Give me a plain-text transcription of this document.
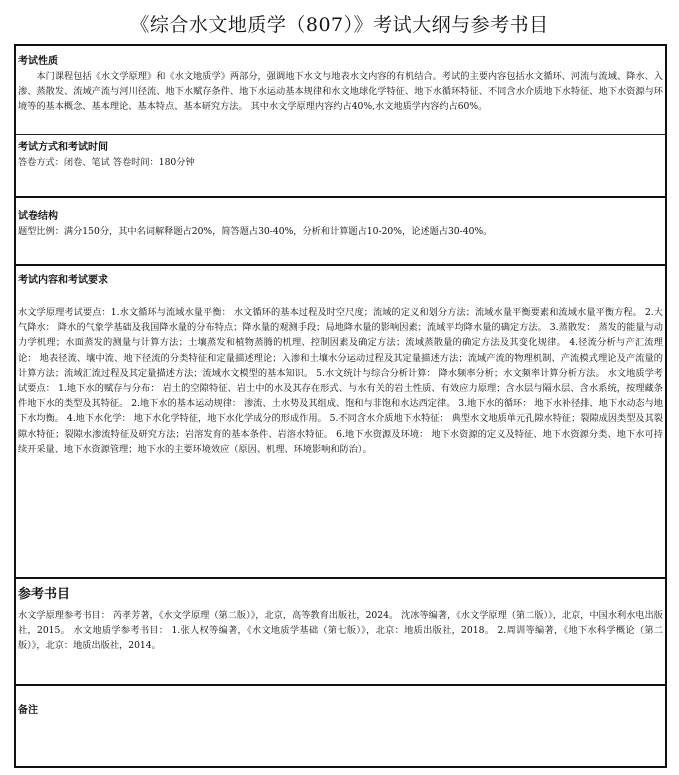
《综合水文地质学（807）》考试大纲与参考书目
考试性质
本门课程包括《水文学原理》和《水文地质学》两部分，强调地下水文与地表水文内容的有机结合。考试的主要内容包括水文循环、河流与流域、降水、入渗、蒸散发、流域产流与河川径流、地下水赋存条件、地下水运动基本规律和水文地球化学特征、地下水循环特征、不同含水介质地下水特征、地下水资源与环境等的基本概念、基本理论、基本特点、基本研究方法。 其中水文学原理内容约占40%,水文地质学内容约占60%。
考试方式和考试时间
答卷方式：闭卷、笔试 答卷时间：180分钟
试卷结构
题型比例：满分150分，其中名词解释题占20%，简答题占30-40%，分析和计算题占10-20%，论述题占30-40%。
考试内容和考试要求
水文学原理考试要点：1.水文循环与流域水量平衡： 水文循环的基本过程及时空尺度；流域的定义和划分方法；流域水量平衡要素和流域水量平衡方程。 2.大气降水： 降水的气象学基础及我国降水量的分布特点；降水量的观测手段；局地降水量的影响因素；流域平均降水量的确定方法。 3.蒸散发： 蒸发的能量与动力学机理；水面蒸发的测量与计算方法；土壤蒸发和植物蒸腾的机理、控制因素及确定方法；流域蒸散量的确定方法及其变化规律。 4.径流分析与产汇流理论： 地表径流、壤中流、地下径流的分类特征和定量描述理论；入渗和土壤水分运动过程及其定量描述方法；流域产流的物理机制、产流模式理论及产流量的计算方法；流域汇流过程及其定量描述方法；流域水文模型的基本知识。 5.水文统计与综合分析计算： 降水频率分析；水文频率计算分析方法。 水文地质学考试要点： 1.地下水的赋存与分布： 岩土的空隙特征、岩土中的水及其存在形式、与水有关的岩土性质、有效应力原理；含水层与隔水层、含水系统，按理藏条件地下水的类型及其特征。 2.地下水的基本运动规律： 渗流、土水势及其组成、饱和与非饱和水达西定律。 3.地下水的循环： 地下水补径排、地下水动态与地下水均衡。 4.地下水化学： 地下水化学特征，地下水化学成分的形成作用。 5.不同含水介质地下水特征： 典型水文地质单元孔隙水特征；裂隙成因类型及其裂隙水特征；裂隙水渗流特征及研究方法；岩溶发育的基本条件、岩溶水特征。 6.地下水资源及环境： 地下水资源的定义及特征、地下水资源分类、地下水可持续开采量、地下水资源管理；地下水的主要环境效应（原因、机理、环境影响和防治）。
参考书目
水文学原理参考书目： 芮孝芳著，《水文学原理（第二版）》，北京，高等教育出版社，2024。 沈冰等编著，《水文学原理（第二版）》，北京，中国水利水电出版社，2015。 水文地质学参考书目： 1.张人权等编著，《水文地质学基础（第七版）》，北京：地质出版社，2018。 2.周训等编著，《地下水科学概论（第二版）》，北京：地质出版社，2014。
备注
